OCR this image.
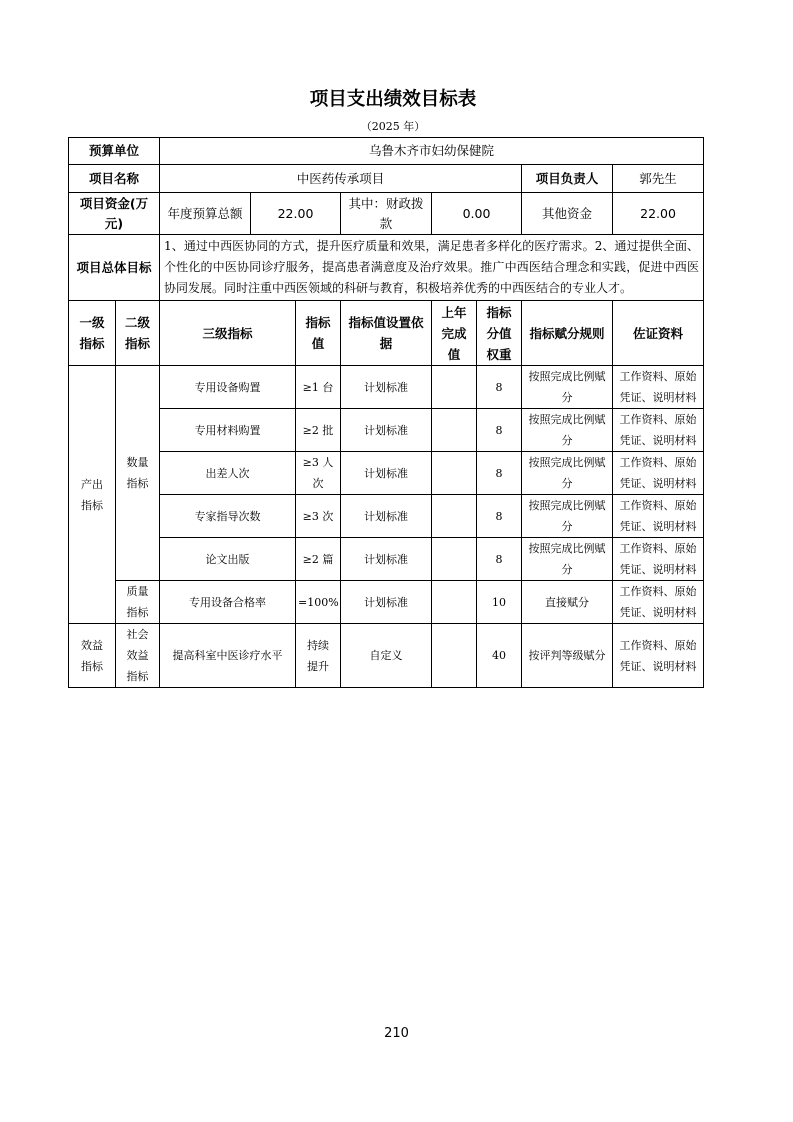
项目支出绩效目标表
（2025 年）
预算单位		乌鲁木齐市妇幼保健院							
项目名称		中医药传承项目						项目负责人	郭先生
项目资金(万元)		年度预算总额	22.00		其中：财政拨款	0.00		其他资金	22.00
项目总体目标		1、通过中西医协同的方式，提升医疗质量和效果，满足患者多样化的医疗需求。2、通过提供全面、个性化的中医协同诊疗服务，提高患者满意度及治疗效果。推广中西医结合理念和实践，促进中西医协同发展。同时注重中西医领域的科研与教育，积极培养优秀的中西医结合的专业人才。							
一级指标	二级指标	三级指标		指标值	指标值设置依据	上年完成值	指标分值权重	指标赋分规则	佐证资料
产出指标	数量指标	专用设备购置		≥1 台	计划标准		8	按照完成比例赋分	工作资料、原始凭证、说明材料
		专用材料购置		≥2 批	计划标准		8	按照完成比例赋分	工作资料、原始凭证、说明材料
		出差人次		≥3 人次	计划标准		8	按照完成比例赋分	工作资料、原始凭证、说明材料
		专家指导次数		≥3 次	计划标准		8	按照完成比例赋分	工作资料、原始凭证、说明材料
		论文出版		≥2 篇	计划标准		8	按照完成比例赋分	工作资料、原始凭证、说明材料
	质量指标	专用设备合格率		=100%	计划标准		10	直接赋分	工作资料、原始凭证、说明材料
效益指标	社会效益指标	提高科室中医诊疗水平		持续提升	自定义		40	按评判等级赋分	工作资料、原始凭证、说明材料
210
